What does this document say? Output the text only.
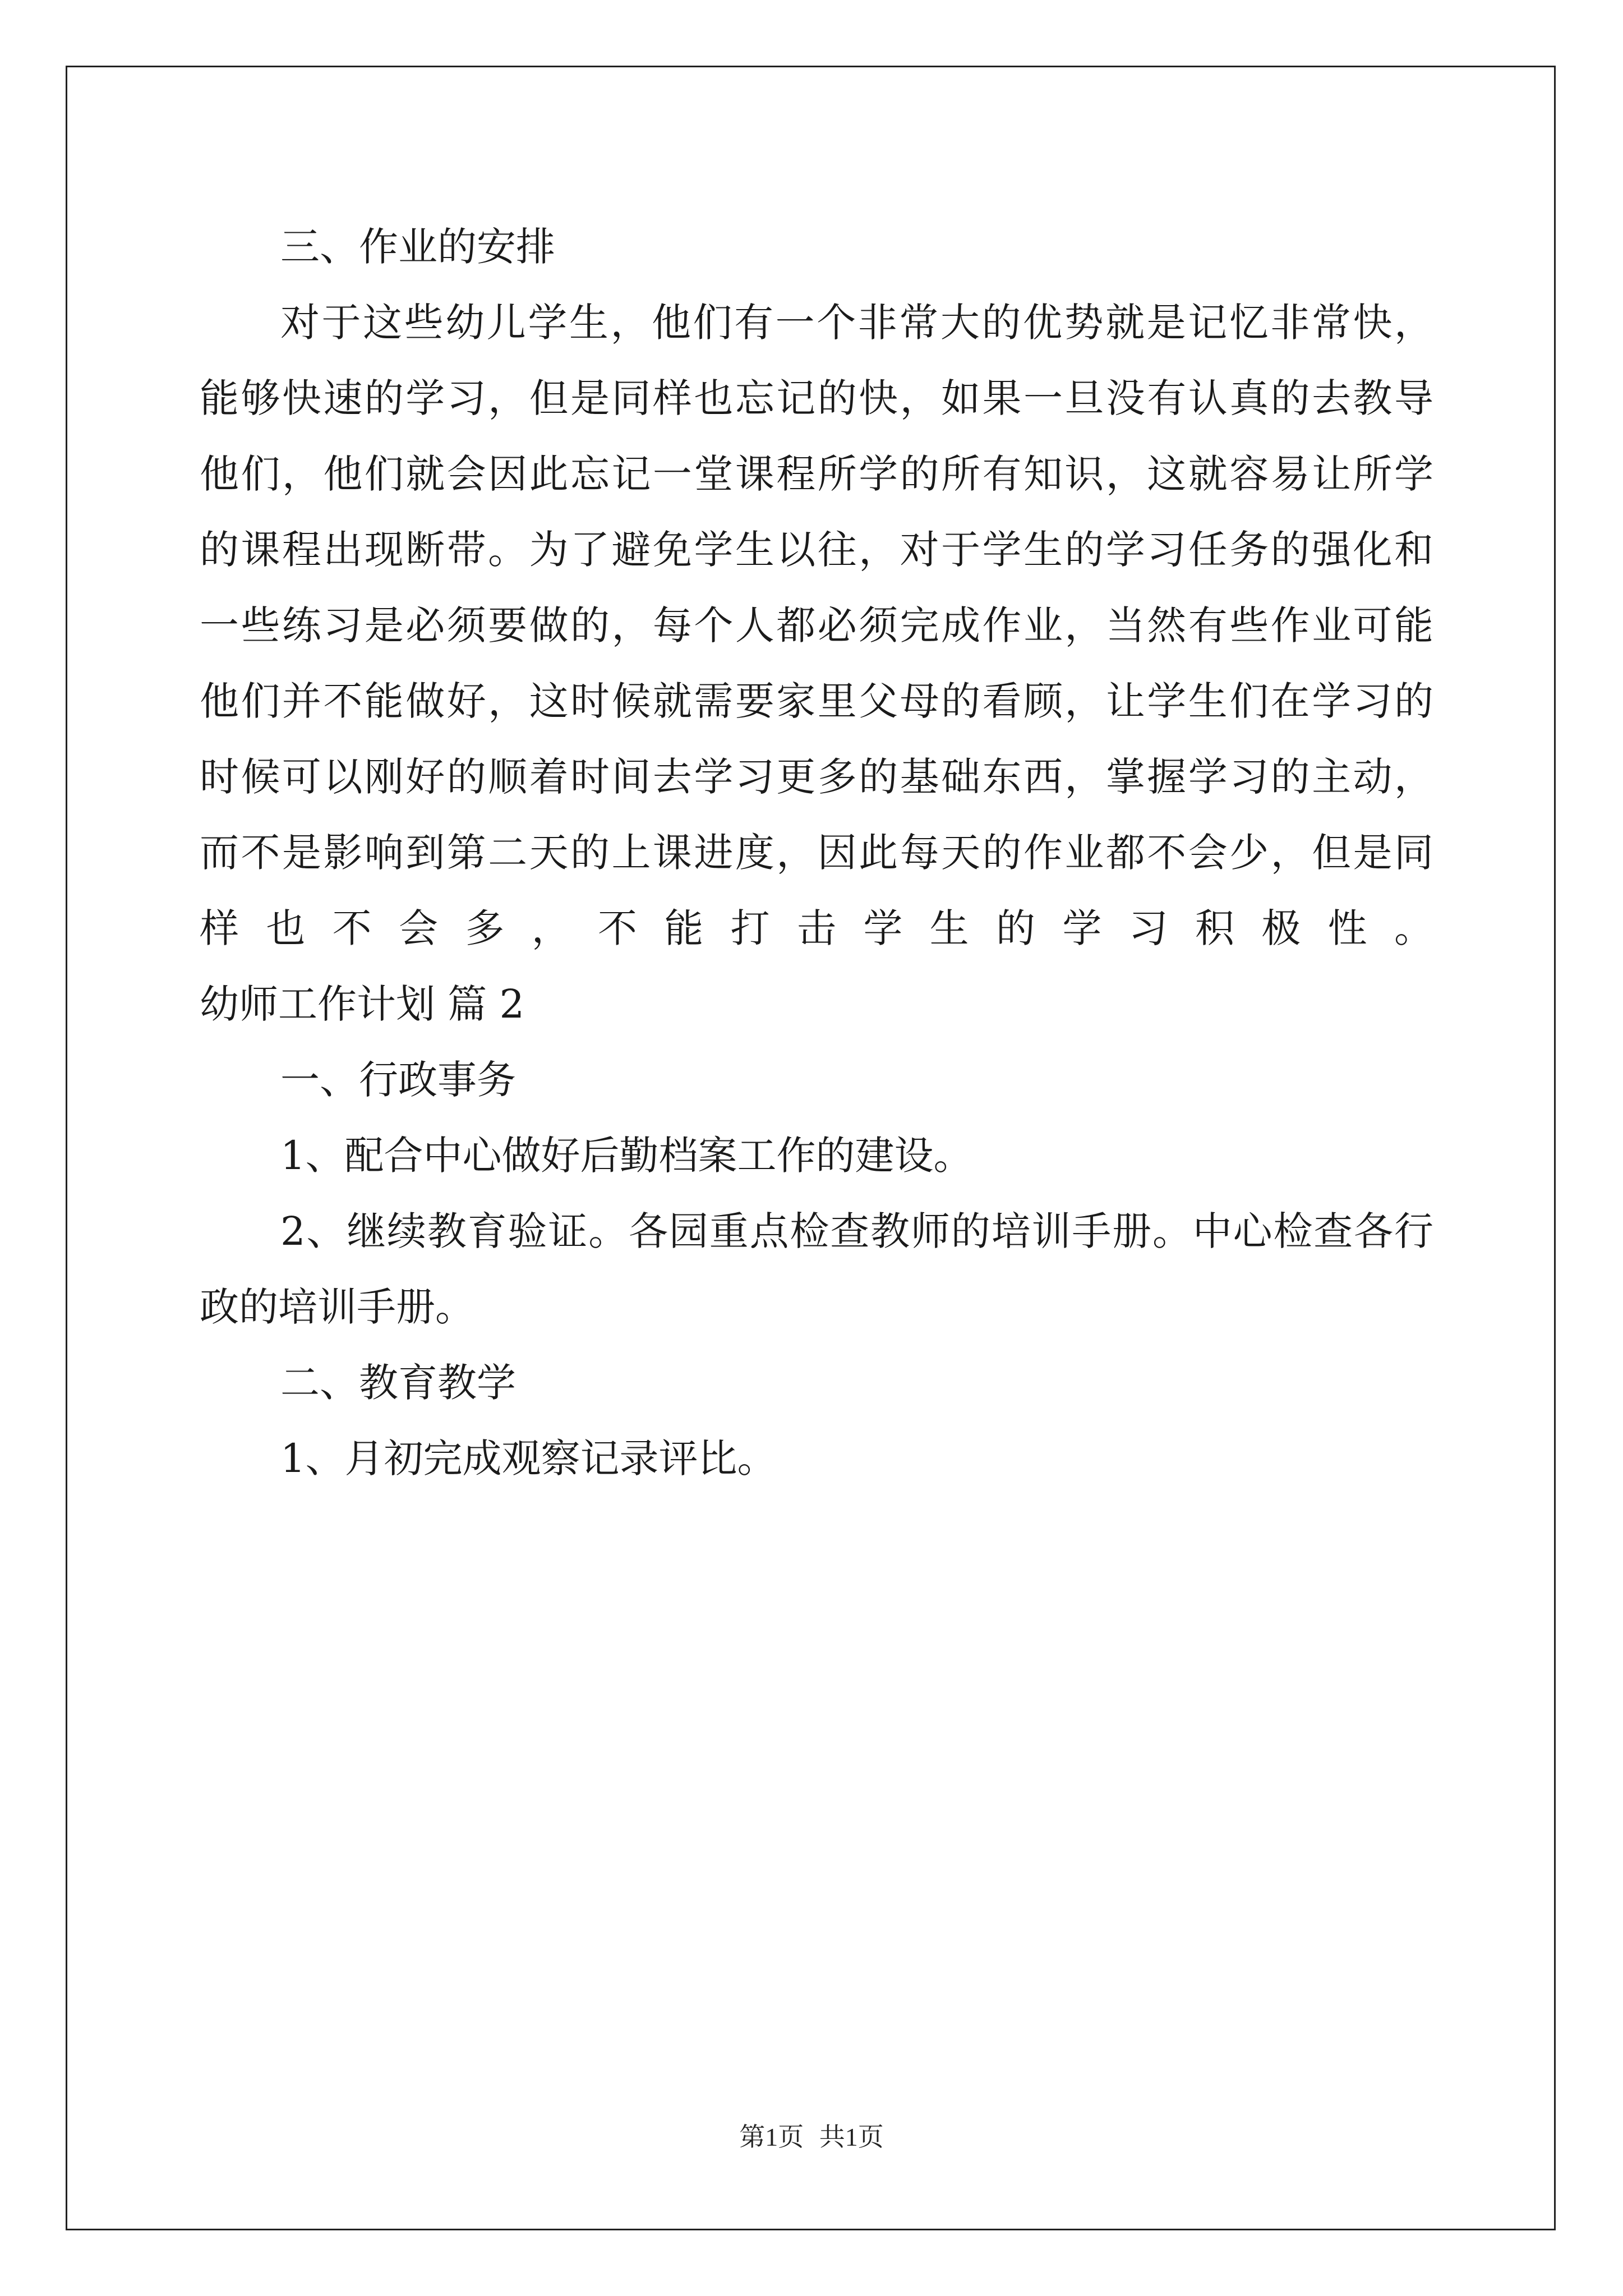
三、作业的安排
对于这些幼儿学生，他们有一个非常大的优势就是记忆非常快，
能够快速的学习，但是同样也忘记的快，如果一旦没有认真的去教导
他们，他们就会因此忘记一堂课程所学的所有知识，这就容易让所学
的课程出现断带。为了避免学生以往，对于学生的学习任务的强化和
一些练习是必须要做的，每个人都必须完成作业，当然有些作业可能
他们并不能做好，这时候就需要家里父母的看顾，让学生们在学习的
时候可以刚好的顺着时间去学习更多的基础东西，掌握学习的主动，
而不是影响到第二天的上课进度，因此每天的作业都不会少，但是同
样也不会多，不能打击学生的学习积极性。
幼师工作计划 篇 2
一、行政事务
1、配合中心做好后勤档案工作的建设。
2、继续教育验证。各园重点检查教师的培训手册。中心检查各行
政的培训手册。
二、教育教学
1、月初完成观察记录评比。
第1页 共1页
